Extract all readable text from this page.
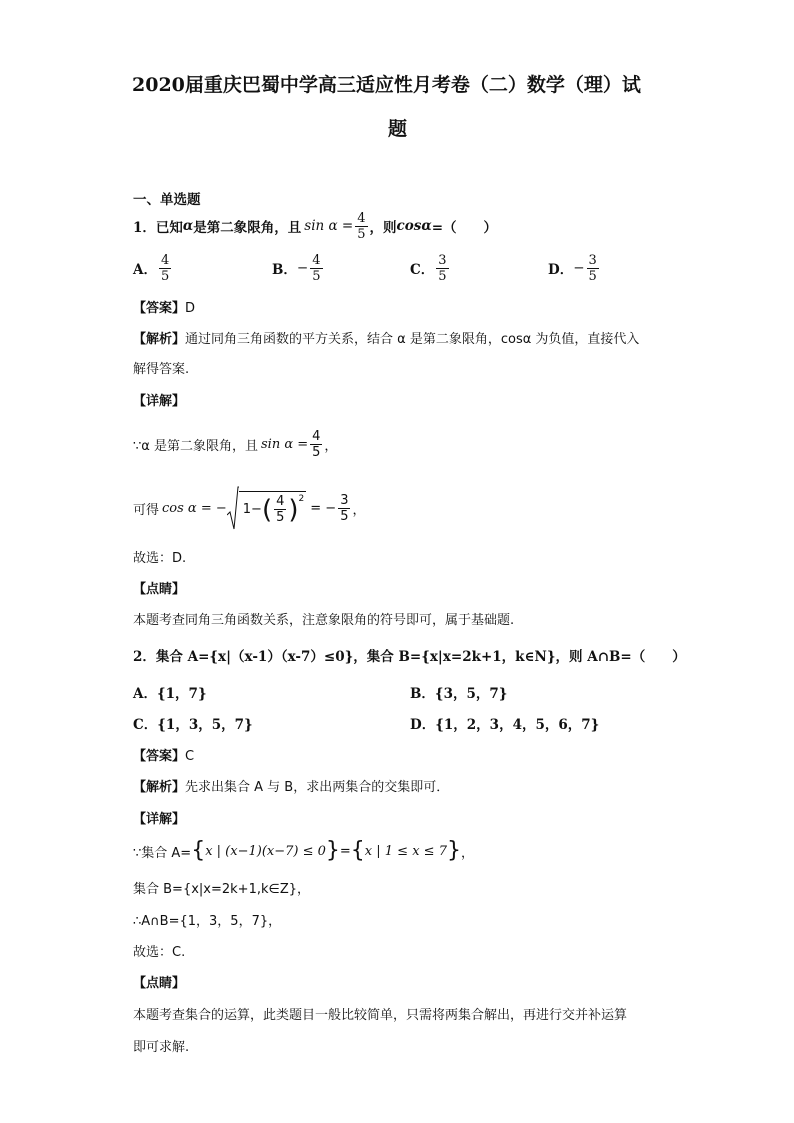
2020届重庆巴蜀中学高三适应性月考卷（二）数学（理）试
题
一、单选题
1．已知 α 是第二象限角，且 $\sin \alpha = \frac{4}{5}$ ，则 cosα =（　　）
A． $\frac{4}{5}$	B． − $\frac{4}{5}$	C． $\frac{3}{5}$	D． − $\frac{3}{5}$
【答案】D
【解析】通过同角三角函数的平方关系，结合 α 是第二象限角，cosα 为负值，直接代入
解得答案.
【详解】
∵α 是第二象限角，且 $\sin \alpha = \frac{4}{5}$ ，
可得 cos α = − 1− ( $\frac{4}{5}$ ) 2
= − $\frac{3}{5}$ ，
故选：D.
【点睛】
本题考查同角三角函数关系，注意象限角的符号即可，属于基础题.
2．集合 A={x|（x-1）（x-7）≤0}，集合 B={x|x=2k+1，k∈N}，则 A∩B=（　　）
A．{1，7}	B．{3，5，7}
C．{1，3，5，7}	D．{1，2，3，4，5，6，7}
【答案】C
【解析】先求出集合 A 与 B，求出两集合的交集即可．
【详解】
∵集合 A= { x | (x−1)(x−7) ≤ 0 } = { x | 1 ≤ x ≤ 7 } ，
集合 B={x|x=2k+1,k∈Z}，
∴A∩B={1，3，5，7}，
故选：C.
【点睛】
本题考查集合的运算，此类题目一般比较简单，只需将两集合解出，再进行交并补运算
即可求解.
